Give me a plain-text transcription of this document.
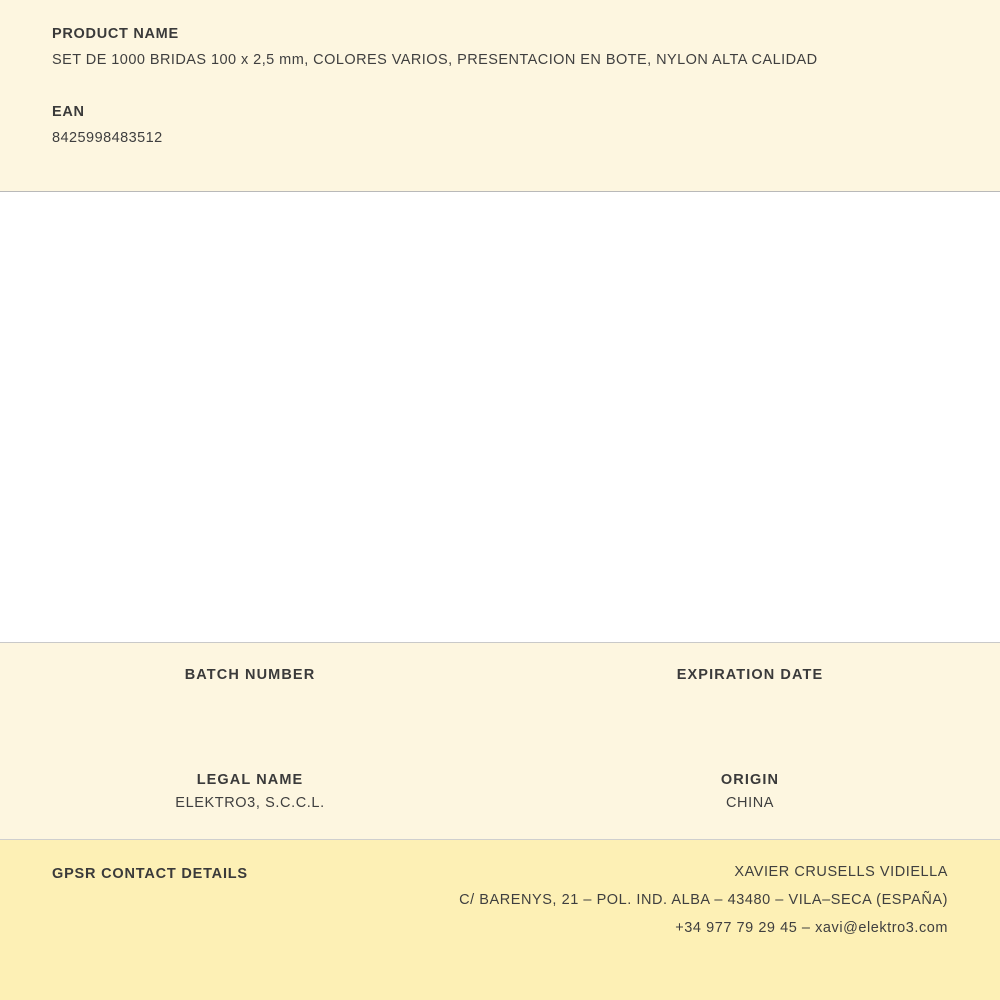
PRODUCT NAME

SET DE 1000 BRIDAS 100 x 2,5 mm, COLORES VARIOS, PRESENTACION EN BOTE, NYLON ALTA CALIDAD

EAN

8425998483512

BATCH NUMBER	EXPIRATION DATE

LEGAL NAME

ELEKTRO3, S.C.C.L.

ORIGIN

CHINA

GPSR CONTACT DETAILS	XAVIER CRUSELLS VIDIELLA

C/ BARENYS, 21 – POL. IND. ALBA – 43480 – VILA–SECA (ESPAÑA)

+34 977 79 29 45 – xavi@elektro3.com
